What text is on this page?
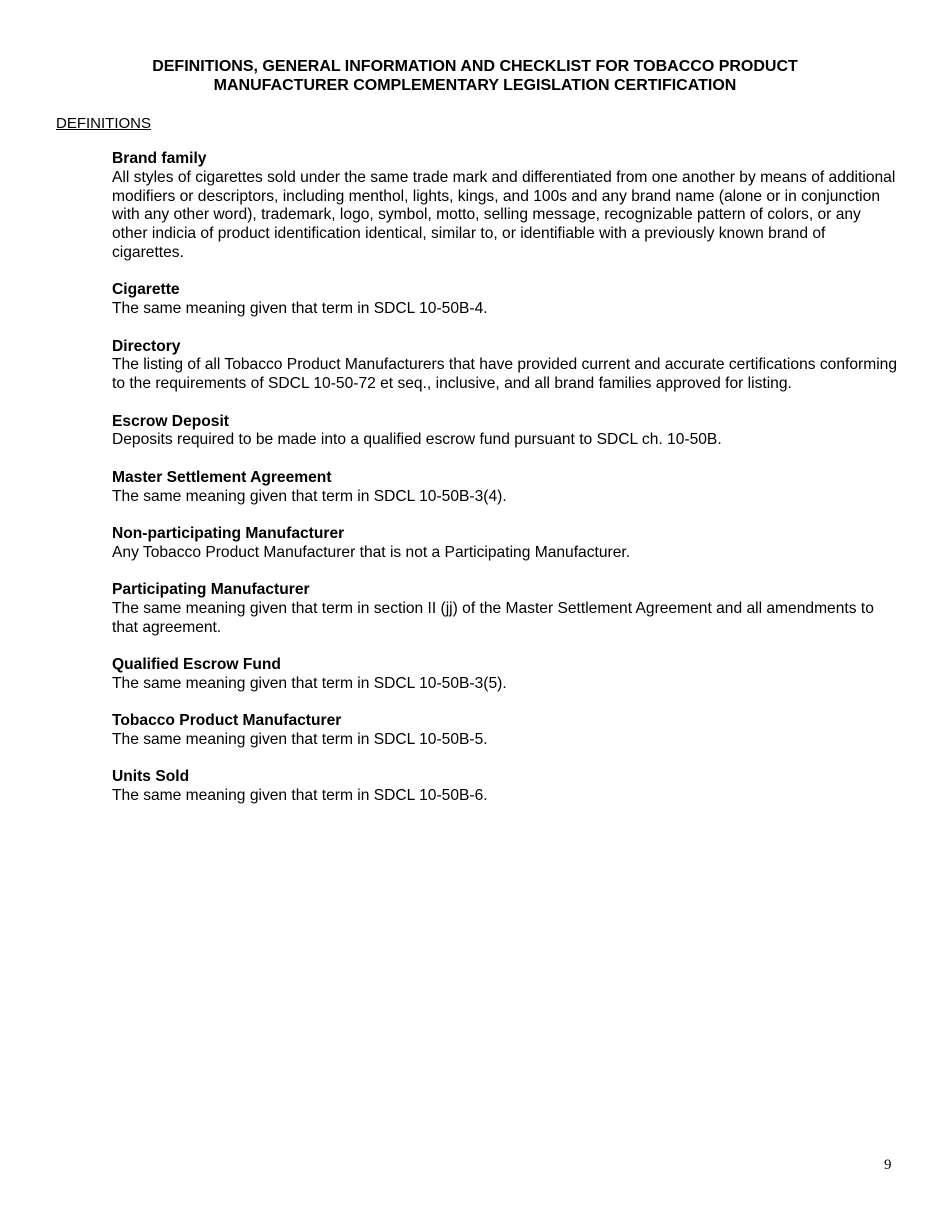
DEFINITIONS, GENERAL INFORMATION AND CHECKLIST FOR TOBACCO PRODUCT
MANUFACTURER COMPLEMENTARY LEGISLATION CERTIFICATION
DEFINITIONS
Brand family
All styles of cigarettes sold under the same trade mark and differentiated from one another by means of additional modifiers or descriptors, including menthol, lights, kings, and 100s and any brand name (alone or in conjunction with any other word), trademark, logo, symbol, motto, selling message, recognizable pattern of colors, or any other indicia of product identification identical, similar to, or identifiable with a previously known brand of cigarettes.
Cigarette
The same meaning given that term in SDCL 10-50B-4.
Directory
The listing of all Tobacco Product Manufacturers that have provided current and accurate certifications conforming to the requirements of SDCL 10-50-72 et seq., inclusive, and all brand families approved for listing.
Escrow Deposit
Deposits required to be made into a qualified escrow fund pursuant to SDCL ch. 10-50B.
Master Settlement Agreement
The same meaning given that term in SDCL 10-50B-3(4).
Non-participating Manufacturer
Any Tobacco Product Manufacturer that is not a Participating Manufacturer.
Participating Manufacturer
The same meaning given that term in section II (jj) of the Master Settlement Agreement and all amendments to that agreement.
Qualified Escrow Fund
The same meaning given that term in SDCL 10-50B-3(5).
Tobacco Product Manufacturer
The same meaning given that term in SDCL 10-50B-5.
Units Sold
The same meaning given that term in SDCL 10-50B-6.
9
